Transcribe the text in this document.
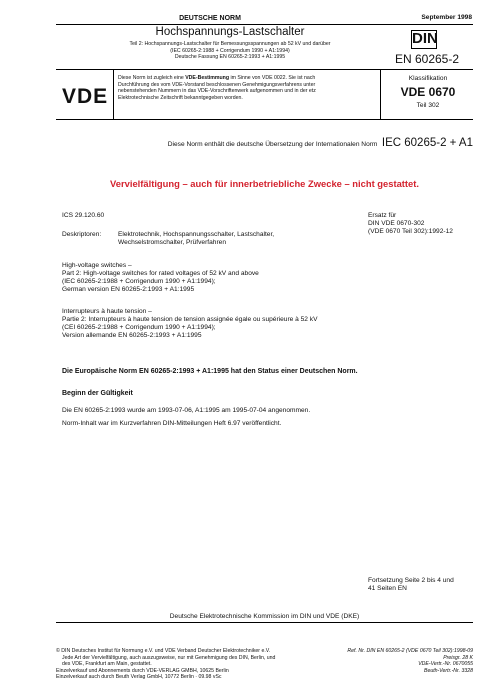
DEUTSCHE NORM	September 1998
Hochspannungs-Lastschalter
Teil 2: Hochspannungs-Lastschalter für Bemessungsspannungen ab 52 kV und darüber
(IEC 60265-2:1988 + Corrigendum 1990 + A1:1994)
Deutsche Fassung EN 60265-2:1993 + A1:1995
DIN
EN 60265-2
VDE
Diese Norm ist zugleich eine VDE-Bestimmung im Sinne von VDE 0022. Sie ist nach
Durchführung des vom VDE-Vorstand beschlossenen Genehmigungsverfahrens unter
nebenstehenden Nummern in das VDE-Vorschriftenwerk aufgenommen und in der etz
Elektrotechnische Zeitschrift bekanntgegeben worden.
Klassifikation
VDE 0670
Teil 302
Diese Norm enthält die deutsche Übersetzung der Internationalen Norm IEC 60265-2 + A1
Vervielfältigung – auch für innerbetriebliche Zwecke – nicht gestattet.
ICS 29.120.60	Ersatz für
DIN VDE 0670-302
(VDE 0670 Teil 302):1992-12
Deskriptoren:	Elektrotechnik, Hochspannungsschalter, Lastschalter,
Wechselstromschalter, Prüfverfahren
High-voltage switches –
Part 2: High-voltage switches for rated voltages of 52 kV and above
(IEC 60265-2:1988 + Corrigendum 1990 + A1:1994);
German version EN 60265-2:1993 + A1:1995
Interrupteurs à haute tension –
Partie 2: Interrupteurs à haute tension de tension assignée égale ou supérieure à 52 kV
(CEI 60265-2:1988 + Corrigendum 1990 + A1:1994);
Version allemande EN 60265-2:1993 + A1:1995
Die Europäische Norm EN 60265-2:1993 + A1:1995 hat den Status einer Deutschen Norm.
Beginn der Gültigkeit
Die EN 60265-2:1993 wurde am 1993-07-06, A1:1995 am 1995-07-04 angenommen.
Norm-Inhalt war im Kurzverfahren DIN-Mitteilungen Heft 6.97 veröffentlicht.
Fortsetzung Seite 2 bis 4 und
41 Seiten EN
Deutsche Elektrotechnische Kommission im DIN und VDE (DKE)
© DIN Deutsches Institut für Normung e.V. und VDE Verband Deutscher Elektrotechniker e.V.
Jede Art der Vervielfältigung, auch auszugsweise, nur mit Genehmigung des DIN, Berlin, und
des VDE, Frankfurt am Main, gestattet.
Einzelverkauf und Abonnements durch VDE-VERLAG GMBH, 10625 Berlin
Einzelverkauf auch durch Beuth Verlag GmbH, 10772 Berlin · 09.98 vSc
Ref. Nr. DIN EN 60265-2 (VDE 0670 Teil 302):1998-09
Preisgr. 28 K
VDE-Vertr.-Nr. 0670055
Beuth-Vertr.-Nr. 3328
